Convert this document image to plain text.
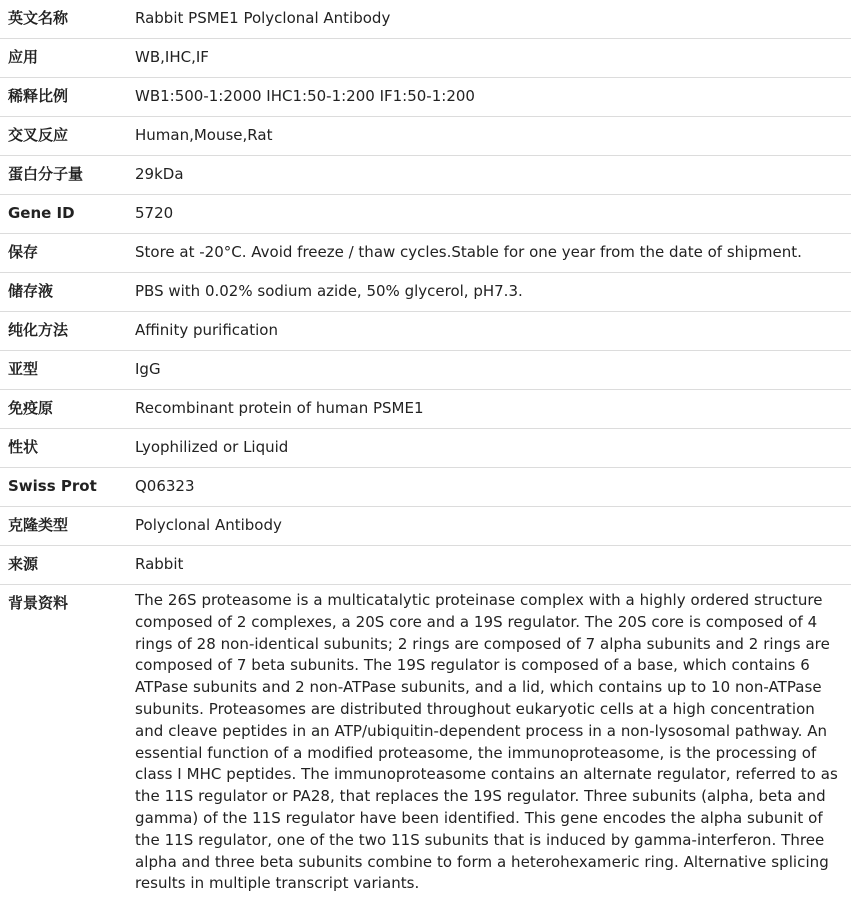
英文名称	Rabbit PSME1 Polyclonal Antibody
应用	WB,IHC,IF
稀释比例	WB1:500-1:2000 IHC1:50-1:200 IF1:50-1:200
交叉反应	Human,Mouse,Rat
蛋白分子量	29kDa
Gene ID	5720
保存	Store at -20°C. Avoid freeze / thaw cycles.Stable for one year from the date of shipment.
储存液	PBS with 0.02% sodium azide, 50% glycerol, pH7.3.
纯化方法	Affinity purification
亚型	IgG
免疫原	Recombinant protein of human PSME1
性状	Lyophilized or Liquid
Swiss Prot	Q06323
克隆类型	Polyclonal Antibody
来源	Rabbit
背景资料	The 26S proteasome is a multicatalytic proteinase complex with a highly ordered structure composed of 2 complexes, a 20S core and a 19S regulator. The 20S core is composed of 4 rings of 28 non-identical subunits; 2 rings are composed of 7 alpha subunits and 2 rings are composed of 7 beta subunits. The 19S regulator is composed of a base, which contains 6 ATPase subunits and 2 non-ATPase subunits, and a lid, which contains up to 10 non-ATPase subunits. Proteasomes are distributed throughout eukaryotic cells at a high concentration and cleave peptides in an ATP/ubiquitin-dependent process in a non-lysosomal pathway. An essential function of a modified proteasome, the immunoproteasome, is the processing of class I MHC peptides. The immunoproteasome contains an alternate regulator, referred to as the 11S regulator or PA28, that replaces the 19S regulator. Three subunits (alpha, beta and gamma) of the 11S regulator have been identified. This gene encodes the alpha subunit of the 11S regulator, one of the two 11S subunits that is induced by gamma-interferon. Three alpha and three beta subunits combine to form a heterohexameric ring. Alternative splicing results in multiple transcript variants.
